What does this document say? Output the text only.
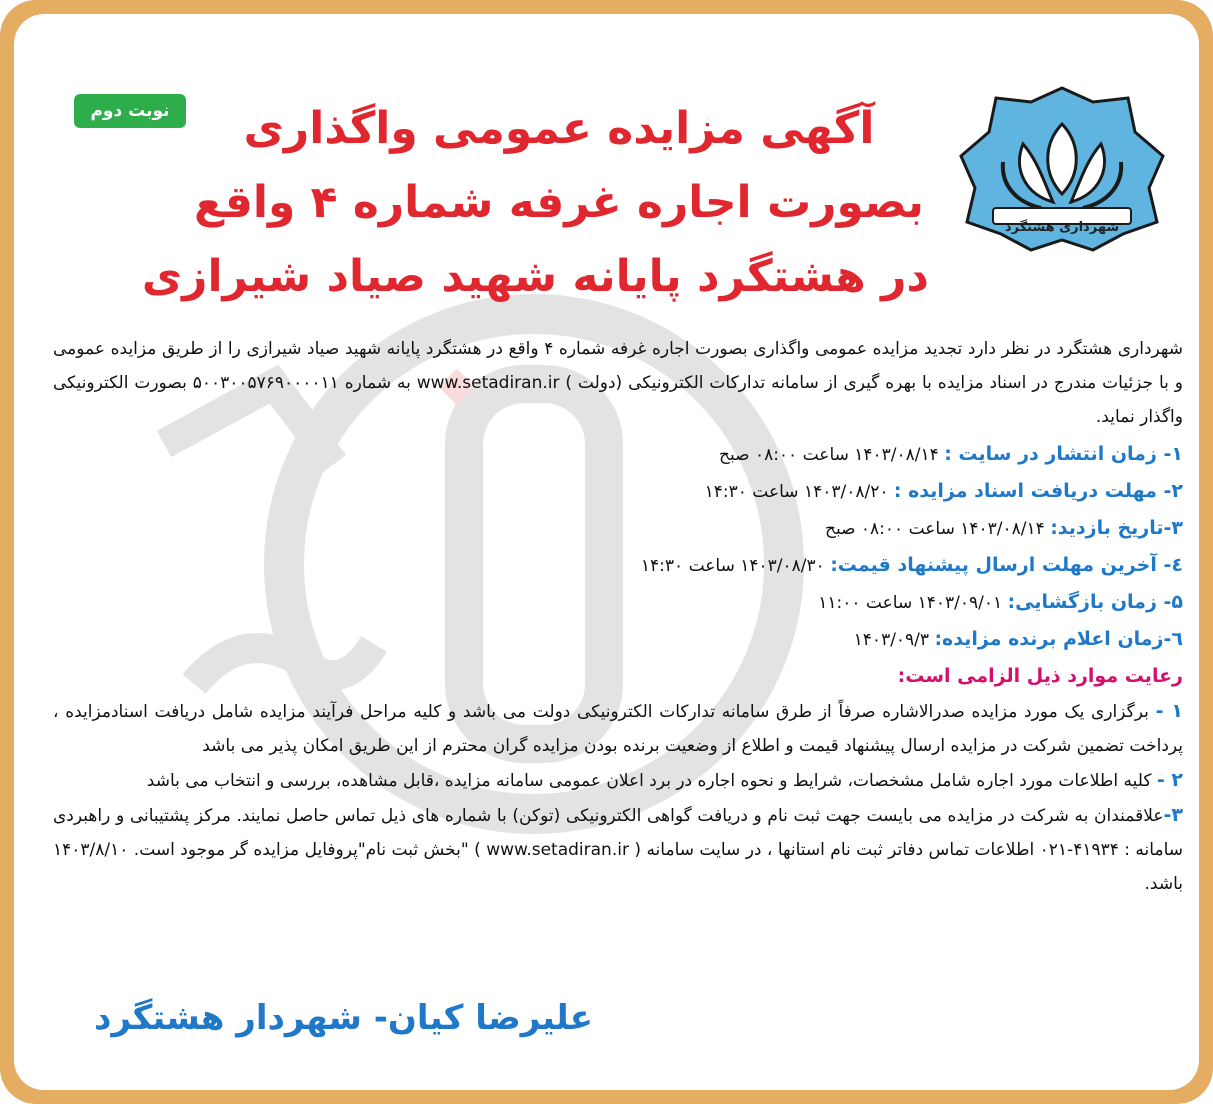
شهرداری هشتگرد
نوبت دوم	آگهی مزایده عمومی واگذاری
بصورت اجاره غرفه شماره ۴ واقع
در هشتگرد پایانه شهید صیاد شیرازی

شهرداری هشتگرد در نظر دارد تجدید مزایده عمومی واگذاری بصورت اجاره غرفه شماره ۴ واقع در هشتگرد پایانه شهید صیاد شیرازی را از طریق مزایده عمومی و با جزئیات مندرج در اسناد مزایده با بهره گیری از سامانه تدارکات الکترونیکی (دولت ) www.setadiran.ir به شماره ۵۰۰۳۰۰۵۷۶۹۰۰۰۰۱۱ بصورت الکترونیکی واگذار نماید.

۱- زمان انتشار در سایت : ۱۴۰۳/۰۸/۱۴ ساعت ۰۸:۰۰ صبح
۲- مهلت دریافت اسناد مزایده : ۱۴۰۳/۰۸/۲۰ ساعت ۱۴:۳۰
۳-تاریخ بازدید: ۱۴۰۳/۰۸/۱۴ ساعت ۰۸:۰۰ صبح
٤- آخرین مهلت ارسال پیشنهاد قیمت: ۱۴۰۳/۰۸/۳۰ ساعت ۱۴:۳۰
۵- زمان بازگشایی: ۱۴۰۳/۰۹/۰۱ ساعت ۱۱:۰۰
٦-زمان اعلام برنده مزایده: ۱۴۰۳/۰۹/۳
رعایت موارد ذیل الزامی است:

۱ - برگزاری یک مورد مزایده صدرالاشاره صرفاً از طرق سامانه تدارکات الکترونیکی دولت می باشد و کلیه مراحل فرآیند مزایده شامل دریافت اسنادمزایده ، پرداخت تضمین شرکت در مزایده ارسال پیشنهاد قیمت و اطلاع از وضعیت برنده بودن مزایده گران محترم از این طریق امکان پذیر می باشد

۲ - کلیه اطلاعات مورد اجاره شامل مشخصات، شرایط و نحوه اجاره در برد اعلان عمومی سامانه مزایده ،قابل مشاهده، بررسی و انتخاب می باشد

۳-علاقمندان به شرکت در مزایده می بایست جهت ثبت نام و دریافت گواهی الکترونیکی (توکن) با شماره های ذیل تماس حاصل نمایند. مرکز پشتیبانی و راهبردی سامانه : ۴۱۹۳۴-۰۲۱ اطلاعات تماس دفاتر ثبت نام استانها ، در سایت سامانه ( www.setadiran.ir ) "بخش ثبت نام"پروفایل مزایده گر موجود است. ۱۴۰۳/۸/۱۰ باشد.

علیرضا کیان- شهردار هشتگرد
